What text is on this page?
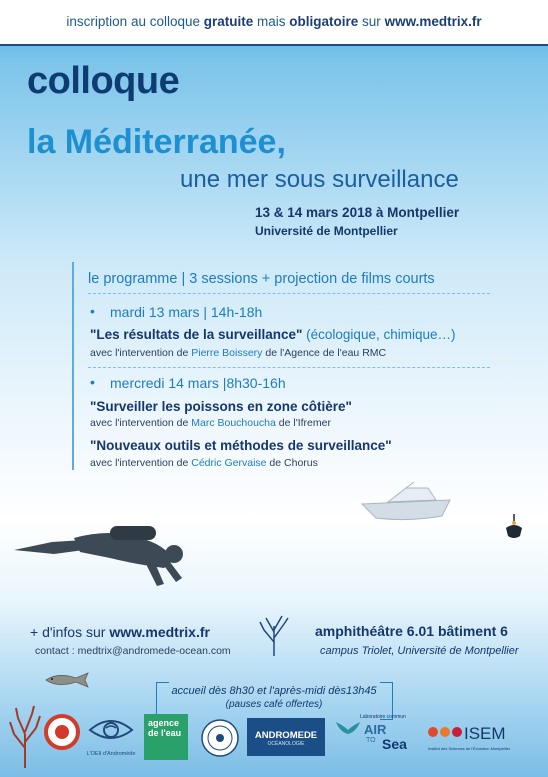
inscription au colloque gratuite mais obligatoire sur www.medtrix.fr
colloque
la Méditerranée,
une mer sous surveillance
13 & 14 mars 2018 à Montpellier
Université de Montpellier
le programme | 3 sessions + projection de films courts
• mardi 13 mars | 14h-18h
"Les résultats de la surveillance" (écologique, chimique…)
avec l'intervention de Pierre Boissery de l'Agence de l'eau RMC
• mercredi 14 mars |8h30-16h
"Surveiller les poissons en zone côtière"
avec l'intervention de Marc Bouchoucha de l'Ifremer
"Nouveaux outils et méthodes de surveillance"
avec l'intervention de Cédric Gervaise de Chorus
+ d'infos sur www.medtrix.fr
contact : medtrix@andromede-ocean.com
amphithéâtre 6.01 bâtiment 6
campus Triolet, Université de Montpellier
accueil dès 8h30 et l'après-midi dès13h45
(pauses café offertes)
L'OEIl d'Andromède
agence
de l'eau	ANDROMEDE
OCÉANOLOGIE
Laboratoire commun
AIR
TO Sea
ISEM
Institut des Sciences de l'Évolution Montpellier
